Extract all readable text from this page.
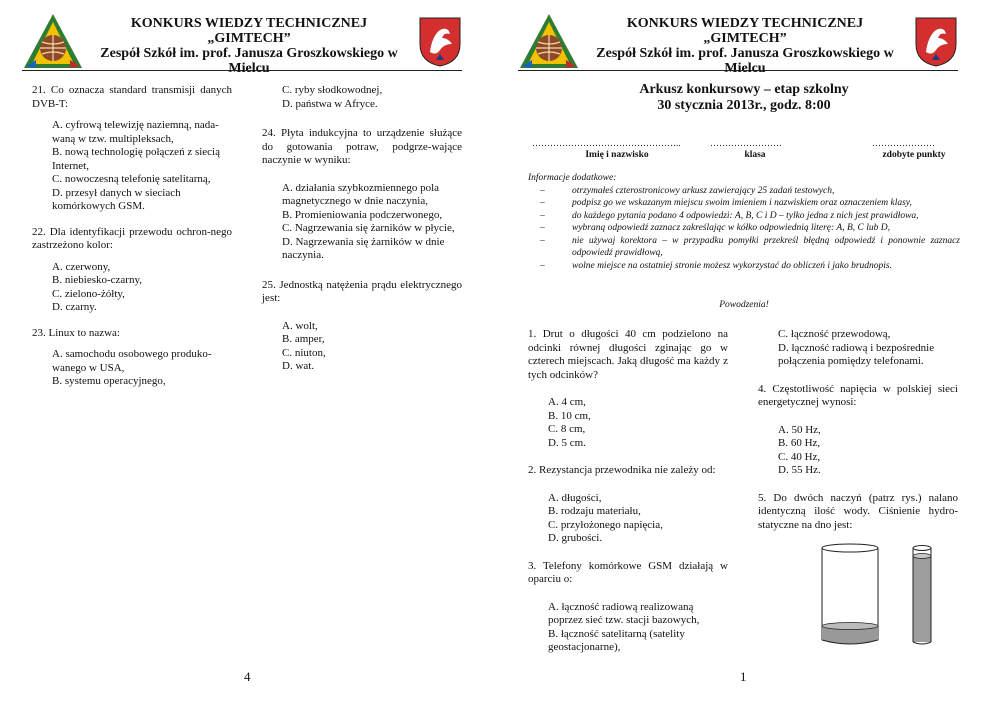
KONKURS WIEDZY TECHNICZNEJ
„GIMTECH”
Zespół Szkół im. prof. Janusza Groszkowskiego w Mielcu

21. Co oznacza standard transmisji danych DVB-T:

A. cyfrową telewizję naziemną, nada-waną w tzw. multipleksach,
B. nową technologię połączeń z siecią Internet,
C. nowoczesną telefonię satelitarną,
D. przesył danych w sieciach komórkowych GSM.

22. Dla identyfikacji przewodu ochron-nego zastrzeżono kolor:

A. czerwony,
B. niebiesko-czarny,
C. zielono-żółty,
D. czarny.

23. Linux to nazwa:

A. samochodu osobowego produko-wanego w USA,
B. systemu operacyjnego,
C. ryby słodkowodnej,
D. państwa w Afryce.

24. Płyta indukcyjna to urządzenie służące do gotowania potraw, podgrze-wające naczynie w wyniku:

A. działania szybkozmiennego pola magnetycznego w dnie naczynia,
B. Promieniowania podczerwonego,
C. Nagrzewania się żarników w płycie,
D. Nagrzewania się żarników w dnie naczynia.

25. Jednostką natężenia prądu elektrycznego jest:

A. wolt,
B. amper,
C. niuton,
D. wat.
4
KONKURS WIEDZY TECHNICZNEJ
„GIMTECH”
Zespół Szkół im. prof. Janusza Groszkowskiego w Mielcu
Arkusz konkursowy – etap szkolny
30 stycznia 2013r., godz. 8:00
…………………………………………..
Imię i nazwisko
……………………
klasa
…………………
zdobyte punkty
Informacje dodatkowe:
– otrzymałeś czterostronicowy arkusz zawierający 25 zadań testowych,
– podpisz go we wskazanym miejscu swoim imieniem i nazwiskiem oraz oznaczeniem klasy,
– do każdego pytania podano 4 odpowiedzi: A, B, C i D – tylko jedna z nich jest prawidłowa,
– wybraną odpowiedź zaznacz zakreślając w kółko odpowiednią literę: A, B, C lub D,
– nie używaj korektora – w przypadku pomyłki przekreśl błędną odpowiedź i ponownie zaznacz odpowiedź prawidłową,
– wolne miejsce na ostatniej stronie możesz wykorzystać do obliczeń i jako brudnopis.
Powodzenia!

1. Drut o długości 40 cm podzielono na odcinki równej długości zginając go w czterech miejscach. Jaką długość ma każdy z tych odcinków?

A. 4 cm,
B. 10 cm,
C. 8 cm,
D. 5 cm.

2. Rezystancja przewodnika nie zależy od:

A. długości,
B. rodzaju materiału,
C. przyłożonego napięcia,
D. grubości.

3. Telefony komórkowe GSM działają w oparciu o:

A. łączność radiową realizowaną poprzez sieć tzw. stacji bazowych,
B. łączność satelitarną (satelity geostacjonarne),
C. łączność przewodową,
D. łączność radiową i bezpośrednie połączenia pomiędzy telefonami.

4. Częstotliwość napięcia w polskiej sieci energetycznej wynosi:

A. 50 Hz,
B. 60 Hz,
C. 40 Hz,
D. 55 Hz.

5. Do dwóch naczyń (patrz rys.) nalano identyczną ilość wody. Ciśnienie hydro-statyczne na dno jest:

1
